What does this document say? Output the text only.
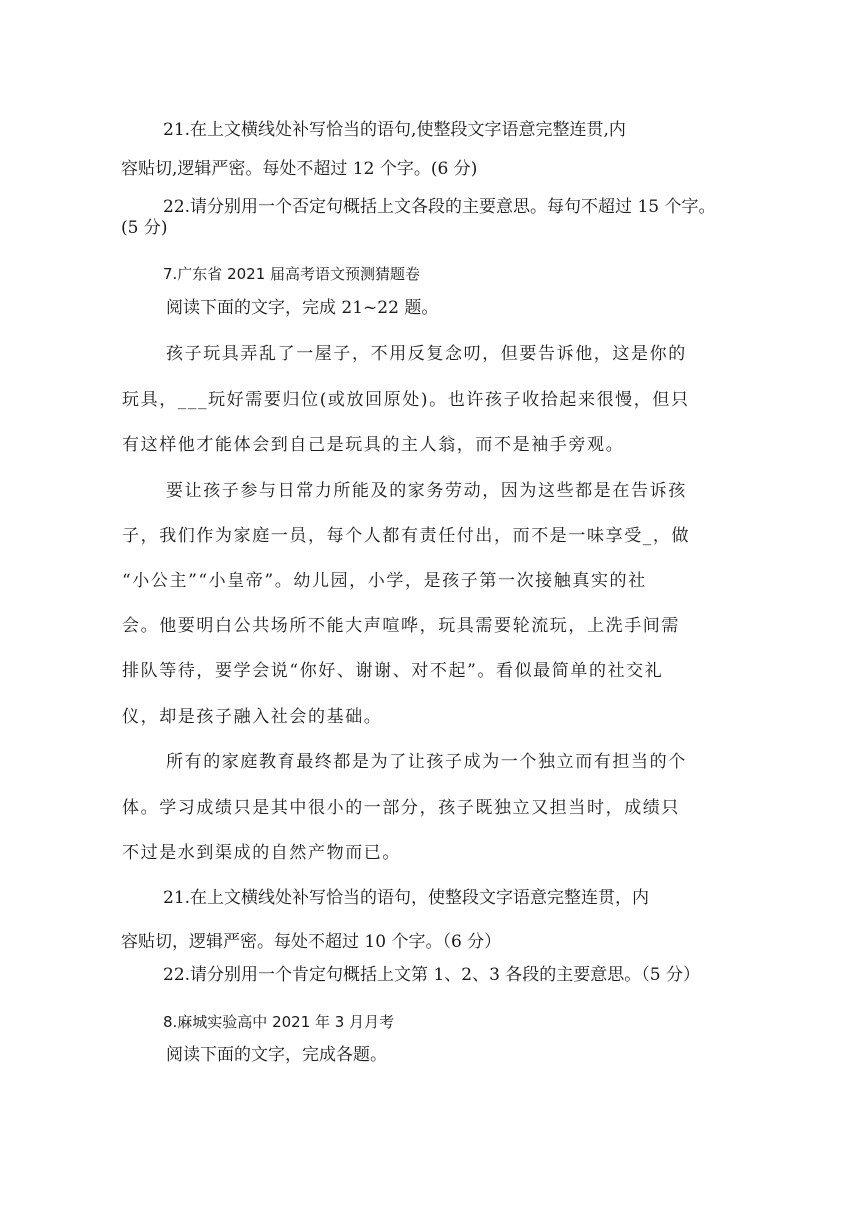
21.在上文横线处补写恰当的语句,使整段文字语意完整连贯,内
容贴切,逻辑严密。每处不超过 12 个字。(6 分)
22.请分别用一个否定句概括上文各段的主要意思。每句不超过 15 个字。
(5 分)
7.广东省 2021 届高考语文预测猜题卷
阅读下面的文字，完成 21~22 题。
孩子玩具弄乱了一屋子，不用反复念叨，但要告诉他，这是你的
玩具，___玩好需要归位(或放回原处)。也许孩子收拾起来很慢，但只
有这样他才能体会到自己是玩具的主人翁，而不是袖手旁观。
要让孩子参与日常力所能及的家务劳动，因为这些都是在告诉孩
子，我们作为家庭一员，每个人都有责任付出，而不是一味享受_，做
“小公主”“小皇帝”。幼儿园，小学，是孩子第一次接触真实的社
会。他要明白公共场所不能大声喧哗，玩具需要轮流玩，上洗手间需
排队等待，要学会说“你好、谢谢、对不起”。看似最简单的社交礼
仪，却是孩子融入社会的基础。
所有的家庭教育最终都是为了让孩子成为一个独立而有担当的个
体。学习成绩只是其中很小的一部分，孩子既独立又担当时，成绩只
不过是水到渠成的自然产物而已。
21.在上文横线处补写恰当的语句，使整段文字语意完整连贯，内
容贴切，逻辑严密。每处不超过 10 个字。（6 分）
22.请分别用一个肯定句概括上文第 1、2、3 各段的主要意思。（5 分）
8.麻城实验高中 2021 年 3 月月考
阅读下面的文字，完成各题。
